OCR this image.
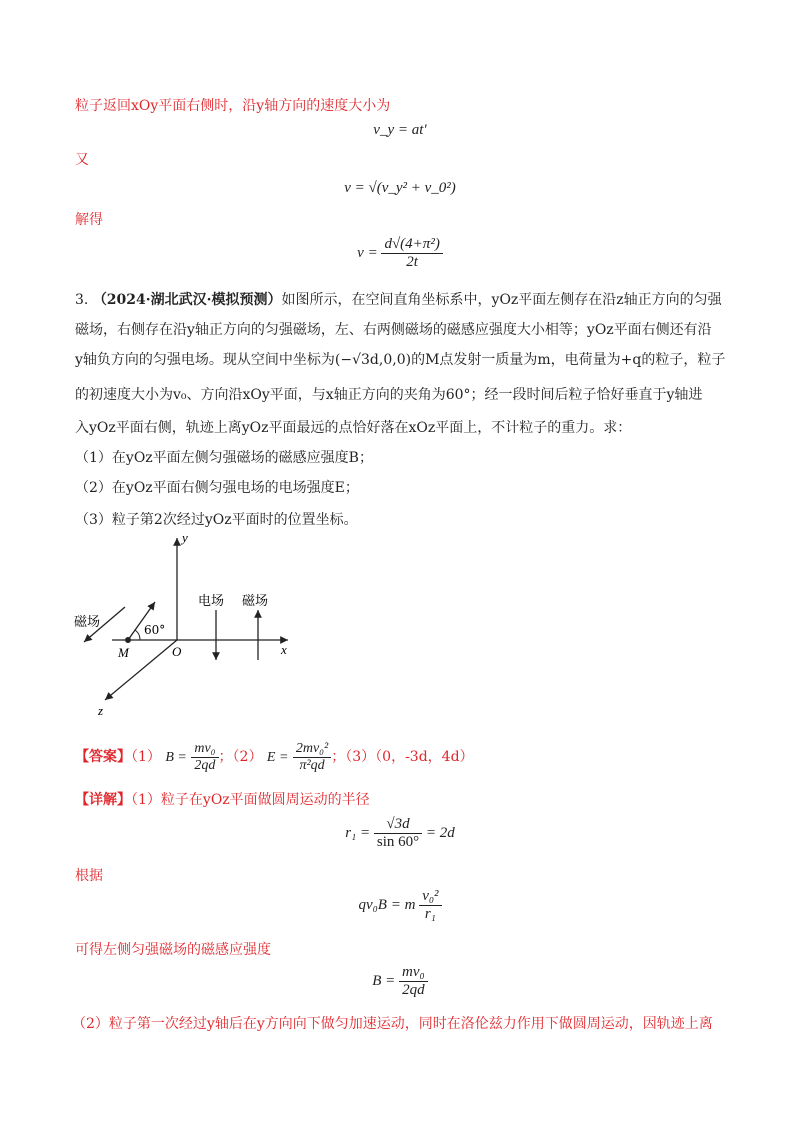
粒子返回xOy平面右侧时，沿y轴方向的速度大小为
v_y = at′
又
v = √(v_y² + v_0²)
解得
$v = \frac{\text{d√(4+π²)}}{2t}$
3. （2024·湖北武汉·模拟预测）如图所示，在空间直角坐标系中，yOz平面左侧存在沿z轴正方向的匀强
磁场，右侧存在沿y轴正方向的匀强磁场，左、右两侧磁场的磁感应强度大小相等；yOz平面右侧还有沿
y轴负方向的匀强电场。现从空间中坐标为(−√3d,0,0)的M点发射一质量为m，电荷量为+q的粒子，粒子
的初速度大小为v₀、方向沿xOy平面，与x轴正方向的夹角为60°；经一段时间后粒子恰好垂直于y轴进
入yOz平面右侧，轨迹上离yOz平面最远的点恰好落在xOz平面上，不计粒子的重力。求：
（1）在yOz平面左侧匀强磁场的磁感应强度B；
（2）在yOz平面右侧匀强电场的电场强度E；
（3）粒子第2次经过yOz平面时的位置坐标。
y
x
z
O
M
60°
磁场
电场 磁场
【答案】（1） $B = \frac{\text{mv₀}}{2qd}$ ；（2） $E = \frac{\text{2mv₀²}}{\text{π²qd}}$ ；（3）（0，-3d，4d）
【详解】（1）粒子在yOz平面做圆周运动的半径
$r_1 = \frac{√3d}{\sin 60^\circ} = 2d$
根据
qv₀B = m $\frac{\text{v₀²}}{\text{r₁}}$
可得左侧匀强磁场的磁感应强度
$B = \frac{\text{mv₀}}{2qd}$
（2）粒子第一次经过y轴后在y方向向下做匀加速运动，同时在洛伦兹力作用下做圆周运动，因轨迹上离
